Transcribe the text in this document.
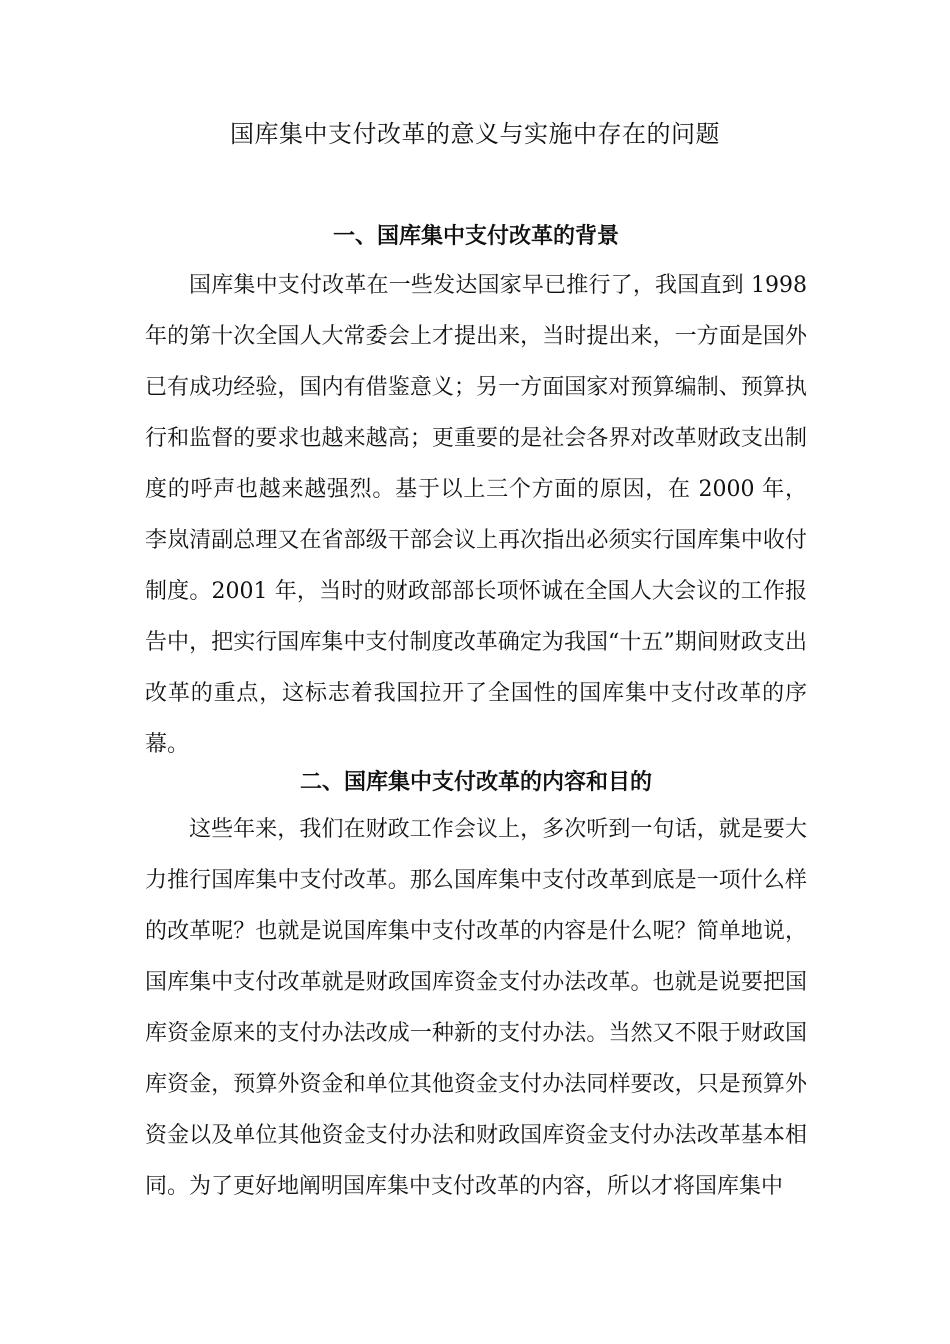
国库集中支付改革的意义与实施中存在的问题
一、国库集中支付改革的背景

国库集中支付改革在一些发达国家早已推行了，我国直到 1998 年的第十次全国人大常委会上才提出来，当时提出来，一方面是国外已有成功经验，国内有借鉴意义；另一方面国家对预算编制、预算执行和监督的要求也越来越高；更重要的是社会各界对改革财政支出制度的呼声也越来越强烈。基于以上三个方面的原因，在 2000 年，李岚清副总理又在省部级干部会议上再次指出必须实行国库集中收付制度。2001 年，当时的财政部部长项怀诚在全国人大会议的工作报告中，把实行国库集中支付制度改革确定为我国“十五”期间财政支出改革的重点，这标志着我国拉开了全国性的国库集中支付改革的序幕。

二、国库集中支付改革的内容和目的

这些年来，我们在财政工作会议上，多次听到一句话，就是要大力推行国库集中支付改革。那么国库集中支付改革到底是一项什么样的改革呢？也就是说国库集中支付改革的内容是什么呢？简单地说，国库集中支付改革就是财政国库资金支付办法改革。也就是说要把国库资金原来的支付办法改成一种新的支付办法。当然又不限于财政国库资金，预算外资金和单位其他资金支付办法同样要改，只是预算外资金以及单位其他资金支付办法和财政国库资金支付办法改革基本相同。为了更好地阐明国库集中支付改革的内容，所以才将国库集中
